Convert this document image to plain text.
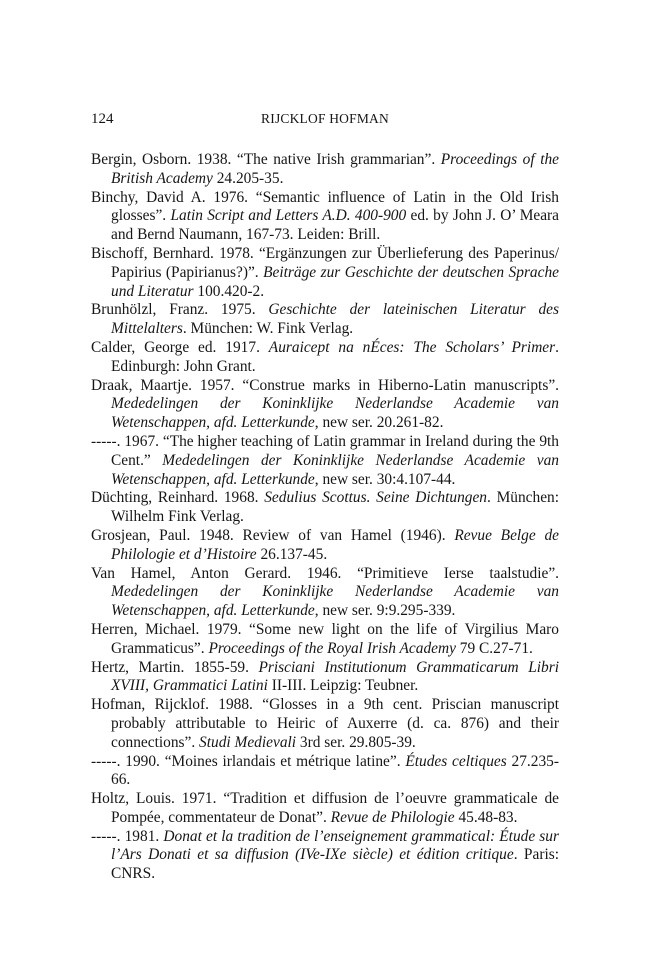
124	RIJCKLOF HOFMAN

Bergin, Osborn. 1938. “The native Irish grammarian”. Proceedings of the British Academy 24.205-35.

Binchy, David A. 1976. “Semantic influence of Latin in the Old Irish glosses”. Latin Script and Letters A.D. 400-900 ed. by John J. O’ Meara and Bernd Naumann, 167-73. Leiden: Brill.

Bischoff, Bernhard. 1978. “Ergänzungen zur Überlieferung des Paperinus/ Papirius (Papirianus?)”. Beiträge zur Geschichte der deutschen Sprache und Literatur 100.420-2.

Brunhölzl, Franz. 1975. Geschichte der lateinischen Literatur des Mittelalters. München: W. Fink Verlag.

Calder, George ed. 1917. Auraicept na nÉces: The Scholars’ Primer. Edinburgh: John Grant.

Draak, Maartje. 1957. “Construe marks in Hiberno-Latin manuscripts”. Mededelingen der Koninklijke Nederlandse Academie van Wetenschappen, afd. Letterkunde, new ser. 20.261-82.

-----. 1967. “The higher teaching of Latin grammar in Ireland during the 9th Cent.” Mededelingen der Koninklijke Nederlandse Academie van Wetenschappen, afd. Letterkunde, new ser. 30:4.107-44.

Düchting, Reinhard. 1968. Sedulius Scottus. Seine Dichtungen. München: Wilhelm Fink Verlag.

Grosjean, Paul. 1948. Review of van Hamel (1946). Revue Belge de Philologie et d’Histoire 26.137-45.

Van Hamel, Anton Gerard. 1946. “Primitieve Ierse taalstudie”. Mededelingen der Koninklijke Nederlandse Academie van Wetenschappen, afd. Letterkunde, new ser. 9:9.295-339.

Herren, Michael. 1979. “Some new light on the life of Virgilius Maro Grammaticus”. Proceedings of the Royal Irish Academy 79 C.27-71.

Hertz, Martin. 1855-59. Prisciani Institutionum Grammaticarum Libri XVIII, Grammatici Latini II-III. Leipzig: Teubner.

Hofman, Rijcklof. 1988. “Glosses in a 9th cent. Priscian manuscript probably attributable to Heiric of Auxerre (d. ca. 876) and their connections”. Studi Medievali 3rd ser. 29.805-39.

-----. 1990. “Moines irlandais et métrique latine”. Études celtiques 27.235-66.

Holtz, Louis. 1971. “Tradition et diffusion de l’oeuvre grammaticale de Pompée, commentateur de Donat”. Revue de Philologie 45.48-83.

-----. 1981. Donat et la tradition de l’enseignement grammatical: Étude sur l’Ars Donati et sa diffusion (IVe-IXe siècle) et édition critique. Paris: CNRS.
